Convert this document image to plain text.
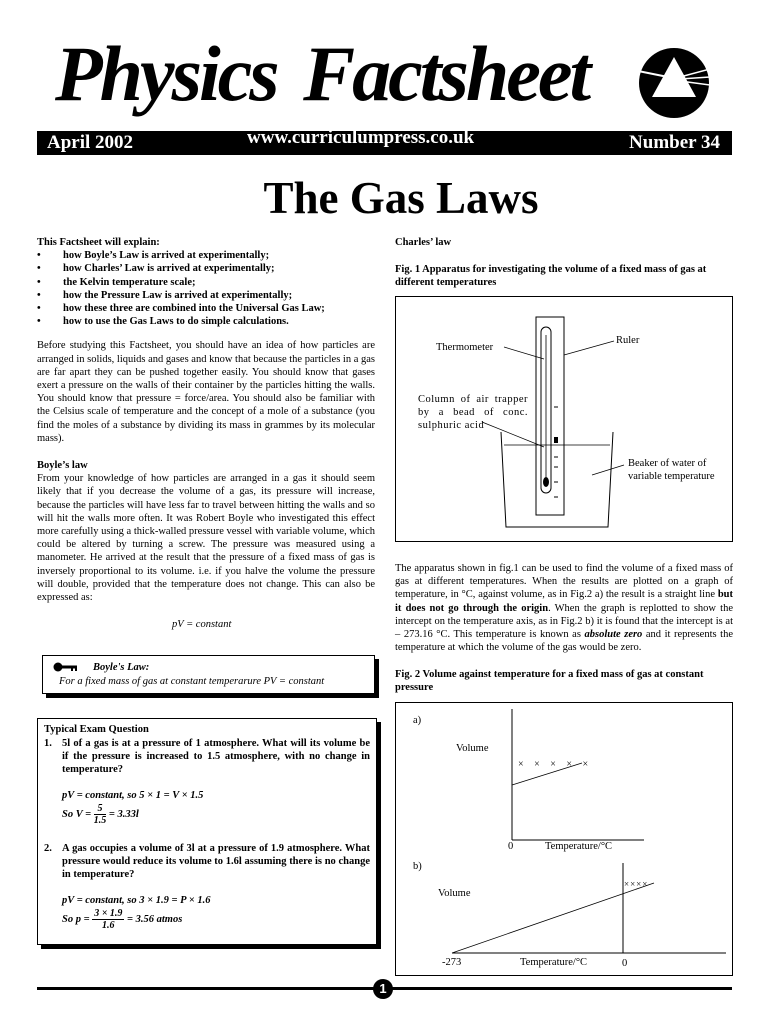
Physics Factsheet
April 2002	www.curriculumpress.co.uk	Number 34
The Gas Laws
This Factsheet will explain:
• how Boyle’s Law is arrived at experimentally;
• how Charles’ Law is arrived at experimentally;
• the Kelvin temperature scale;
• how the Pressure Law is arrived at experimentally;
• how these three are combined into the Universal Gas Law;
• how to use the Gas Laws to do simple calculations.
Before studying this Factsheet, you should have an idea of how particles are arranged in solids, liquids and gases and know that because the particles in a gas are far apart they can be pushed together easily. You should know that gases exert a pressure on the walls of their container by the particles hitting the walls. You should know that pressure = force/area. You should also be familiar with the Celsius scale of temperature and the concept of a mole of a substance (you find the moles of a substance by dividing its mass in grammes by its molecular mass).
Boyle’s law
From your knowledge of how particles are arranged in a gas it should seem likely that if you decrease the volume of a gas, its pressure will increase, because the particles will have less far to travel between hitting the walls and so will hit the walls more often. It was Robert Boyle who investigated this effect more carefully using a thick-walled pressure vessel with variable volume, which could be altered by turning a screw. The pressure was measured using a manometer. He arrived at the result that the pressure of a fixed mass of gas is inversely proportional to its volume. i.e. if you halve the volume the pressure will double, provided that the temperature does not change. This can also be expressed as:
pV = constant
Boyle's Law:
For a fixed mass of gas at constant temperarure PV = constant
Typical Exam Question
1. 5l of a gas is at a pressure of 1 atmosphere. What will its volume be if the pressure is increased to 1.5 atmosphere, with no change in temperature?
pV = constant, so 5 × 1 = V × 1.5
So $V = \frac{5}{1.5} = 3.33l$
2. A gas occupies a volume of 3l at a pressure of 1.9 atmosphere. What pressure would reduce its volume to 1.6l assuming there is no change in temperature?
pV = constant, so 3 × 1.9 = P × 1.6
So $p = \frac{3 \times 1.9}{1.6} = 3.56$ atmos
Charles’ law
Fig. 1 Apparatus for investigating the volume of a fixed mass of gas at different temperatures
Thermometer
Ruler
Column of air trapper by a bead of conc. sulphuric acid
Beaker of water of variable temperature
The apparatus shown in fig.1 can be used to find the volume of a fixed mass of gas at different temperatures. When the results are plotted on a graph of temperature, in °C, against volume, as in Fig.2 a) the result is a straight line but it does not go through the origin. When the graph is replotted to show the intercept on the temperature axis, as in Fig.2 b) it is found that the intercept is at – 273.16 °C. This temperature is known as absolute zero and it represents the temperature at which the volume of the gas would be zero.
Fig. 2 Volume against temperature for a fixed mass of gas at constant pressure
a)
Volume
× × × × ×
0	Temperature/°C
b)
Volume
××××
-273	Temperature/°C	0
1
